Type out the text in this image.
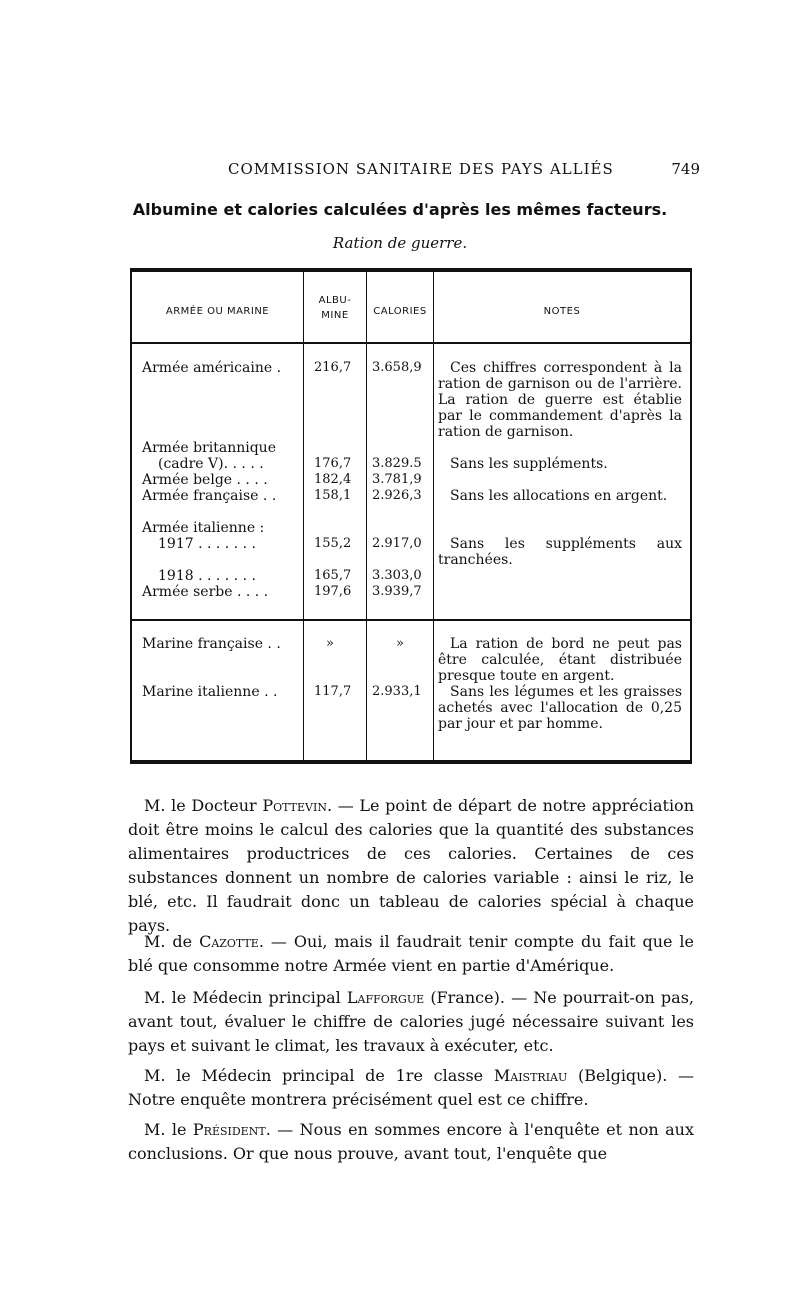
COMMISSION SANITAIRE DES PAYS ALLIÉS	749
Albumine et calories calculées d'après les mêmes facteurs.
Ration de guerre.
ARMÉE OU MARINE
ALBU-
MINE	CALORIES	NOTES
Armée américaine .	216,7 3.658,9	Ces chiffres correspondent à la ration de garnison ou de l'arrière. La ration de guerre est établie par le commandement d'après la ration de garnison.
Armée britannique
(cadre V). . . . .	176,7 3.829.5 Sans les suppléments.
Armée belge . . . .	182,4 3.781,9
Armée française . .	158,1 2.926,3	Sans les allocations en argent.
Armée italienne :
1917 . . . . . . .	155,2 2.917,0	Sans les suppléments aux tranchées.
1918 . . . . . . .	165,7 3.303,0
Armée serbe . . . .	197,6 3.939,7
Marine française . .	»	»	La ration de bord ne peut pas être calculée, étant distribuée presque toute en argent.
Marine italienne . .	117,7 2.933,1	Sans les légumes et les graisses achetés avec l'allocation de 0,25 par jour et par homme.
M. le Docteur Pottevin. — Le point de départ de notre appréciation doit être moins le calcul des calories que la quantité des substances alimentaires productrices de ces calories. Certaines de ces substances donnent un nombre de calories variable : ainsi le riz, le blé, etc. Il faudrait donc un tableau de calories spécial à chaque pays.
M. de Cazotte. — Oui, mais il faudrait tenir compte du fait que le blé que consomme notre Armée vient en partie d'Amérique.
M. le Médecin principal Lafforgue (France). — Ne pourrait-on pas, avant tout, évaluer le chiffre de calories jugé nécessaire suivant les pays et suivant le climat, les travaux à exécuter, etc.
M. le Médecin principal de 1re classe Maistriau (Belgique). — Notre enquête montrera précisément quel est ce chiffre.
M. le Président. — Nous en sommes encore à l'enquête et non aux conclusions. Or que nous prouve, avant tout, l'enquête que
